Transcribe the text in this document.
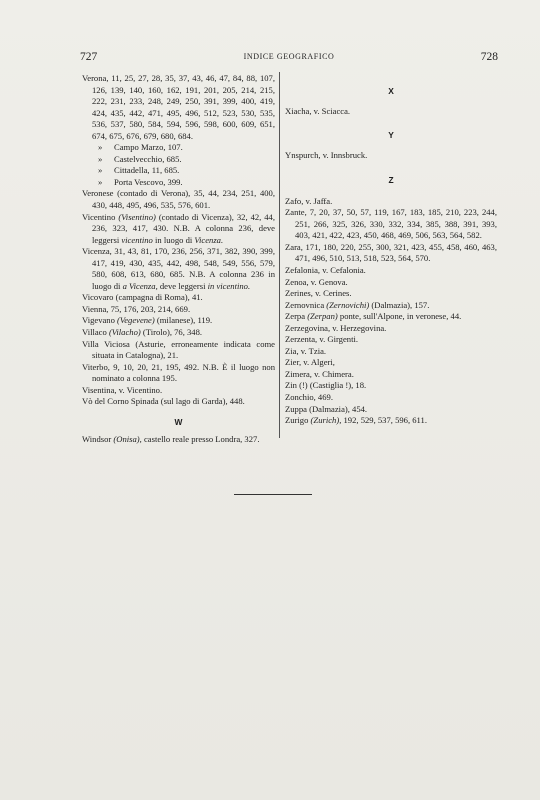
727	INDICE GEOGRAFICO	728

Verona, 11, 25, 27, 28, 35, 37, 43, 46, 47, 84, 88, 107, 126, 139, 140, 160, 162, 191, 201, 205, 214, 215, 222, 231, 233, 248, 249, 250, 391, 399, 400, 419, 424, 435, 442, 471, 495, 496, 512, 523, 530, 535, 536, 537, 580, 584, 594, 596, 598, 600, 609, 651, 674, 675, 676, 679, 680, 684.

» Campo Marzo, 107.

» Castelvecchio, 685.

» Cittadella, 11, 685.

» Porta Vescovo, 399.

Veronese (contado di Verona), 35, 44, 234, 251, 400, 430, 448, 495, 496, 535, 576, 601.

Vicentino (Visentino) (contado di Vicenza), 32, 42, 44, 236, 323, 417, 430. N.B. A colonna 236, deve leggersi vicentino in luogo di Vicenza.

Vicenza, 31, 43, 81, 170, 236, 256, 371, 382, 390, 399, 417, 419, 430, 435, 442, 498, 548, 549, 556, 579, 580, 608, 613, 680, 685. N.B. A colonna 236 in luogo di a Vicenza, deve leggersi in vicentino.

Vicovaro (campagna di Roma), 41.

Vienna, 75, 176, 203, 214, 669.

Vigevano (Vegevene) (milanese), 119.

Villaco (Vilacho) (Tirolo), 76, 348.

Villa Viciosa (Asturie, erroneamente indicata come situata in Catalogna), 21.

Viterbo, 9, 10, 20, 21, 195, 492. N.B. È il luogo non nominato a colonna 195.

Visentina, v. Vicentino.

Vò del Corno Spinada (sul lago di Garda), 448.

W

Windsor (Onisa), castello reale presso Londra, 327.

X

Xiacha, v. Sciacca.

Y

Ynspurch, v. Innsbruck.

Z

Zafo, v. Jaffa.

Zante, 7, 20, 37, 50, 57, 119, 167, 183, 185, 210, 223, 244, 251, 266, 325, 326, 330, 332, 334, 385, 388, 391, 393, 403, 421, 422, 423, 450, 468, 469, 506, 563, 564, 582.

Zara, 171, 180, 220, 255, 300, 321, 423, 455, 458, 460, 463, 471, 496, 510, 513, 518, 523, 564, 570.

Zefalonia, v. Cefalonia.

Zenoa, v. Genova.

Zerines, v. Cerines.

Zernovnica (Zernovichi) (Dalmazia), 157.

Zerpa (Zerpan) ponte, sull'Alpone, in veronese, 44.

Zerzegovina, v. Herzegovina.

Zerzenta, v. Girgenti.

Zia, v. Tzia.

Zier, v. Algeri,

Zimera, v. Chimera.

Zin (!) (Castiglia !), 18.

Zonchio, 469.

Zuppa (Dalmazia), 454.

Zurigo (Zurich), 192, 529, 537, 596, 611.
